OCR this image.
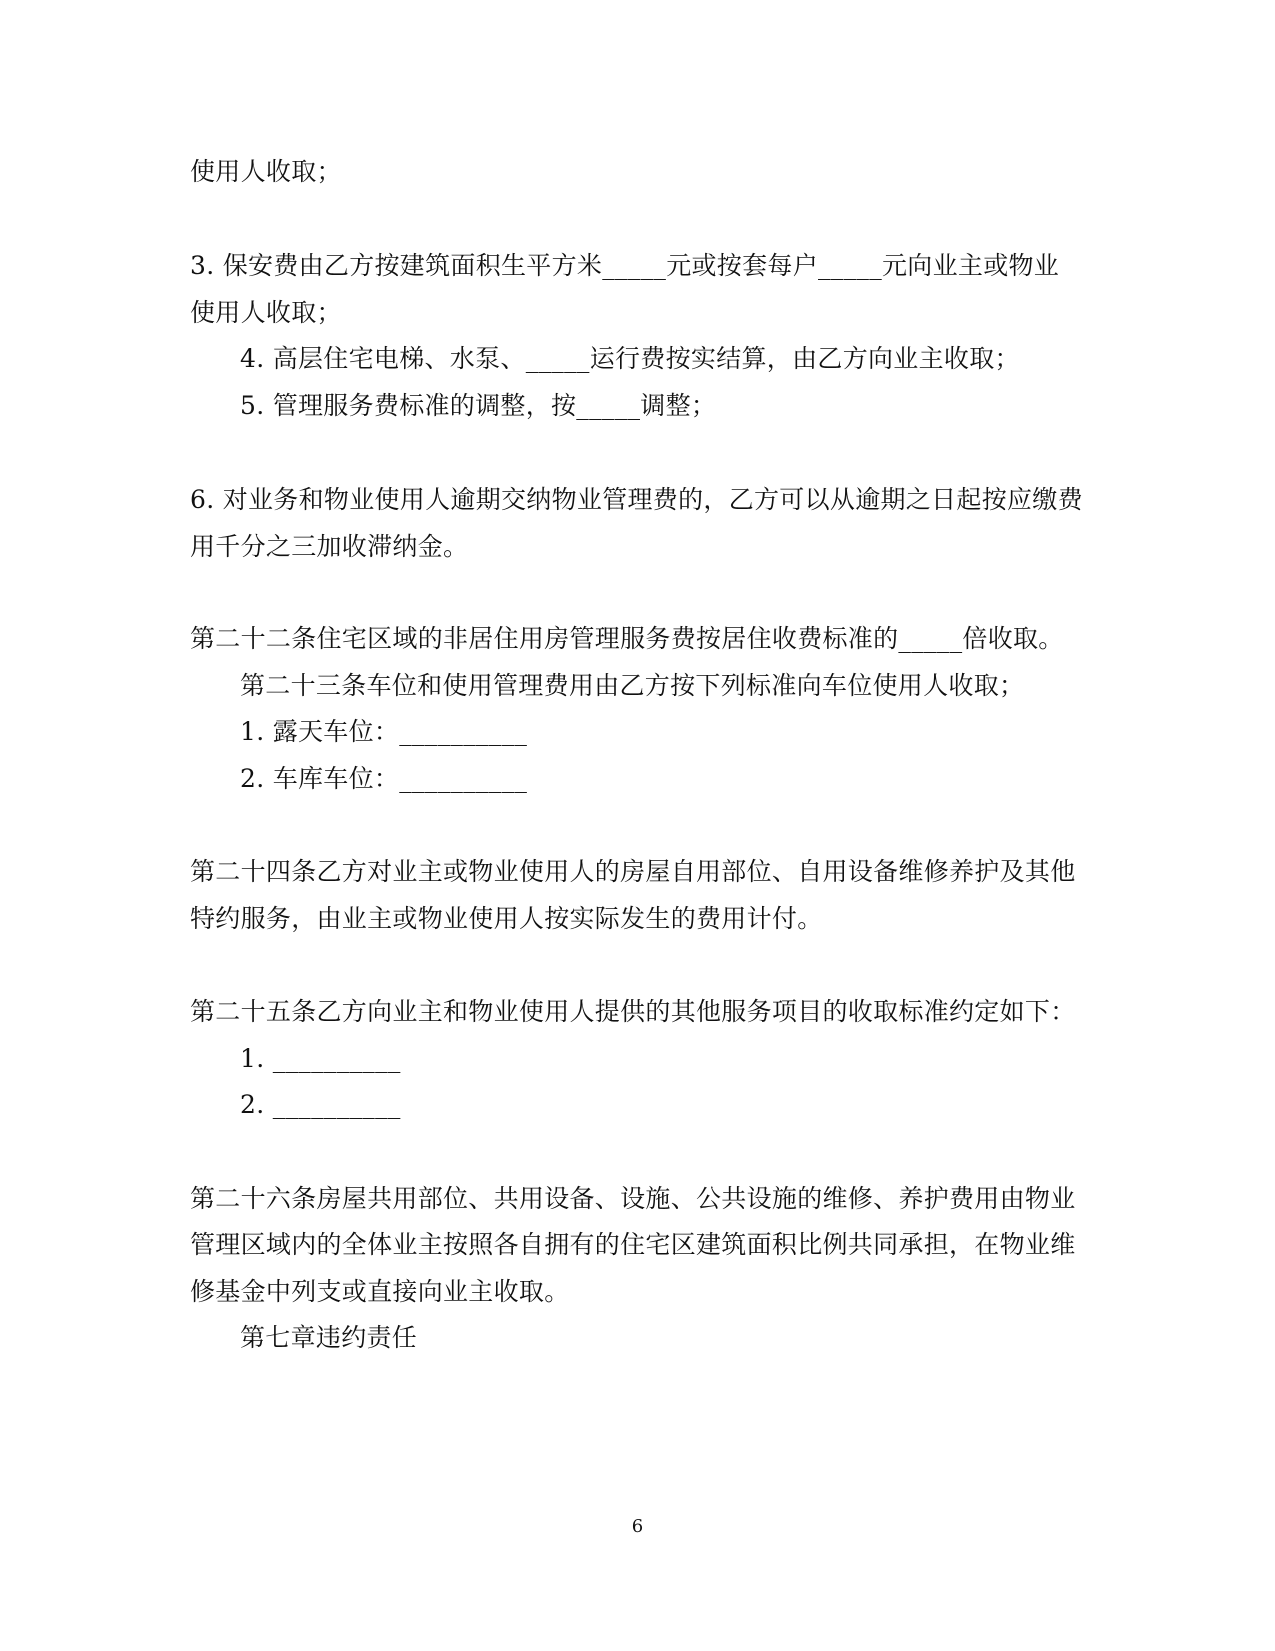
使用人收取；
3. 保安费由乙方按建筑面积生平方米_____元或按套每户_____元向业主或物业
使用人收取；
4. 高层住宅电梯、水泵、_____运行费按实结算，由乙方向业主收取；
5. 管理服务费标准的调整，按_____调整；
6. 对业务和物业使用人逾期交纳物业管理费的，乙方可以从逾期之日起按应缴费
用千分之三加收滞纳金。
第二十二条住宅区域的非居住用房管理服务费按居住收费标准的_____倍收取。
第二十三条车位和使用管理费用由乙方按下列标准向车位使用人收取；
1. 露天车位：__________
2. 车库车位：__________
第二十四条乙方对业主或物业使用人的房屋自用部位、自用设备维修养护及其他
特约服务，由业主或物业使用人按实际发生的费用计付。
第二十五条乙方向业主和物业使用人提供的其他服务项目的收取标准约定如下：
1. __________
2. __________
第二十六条房屋共用部位、共用设备、设施、公共设施的维修、养护费用由物业
管理区域内的全体业主按照各自拥有的住宅区建筑面积比例共同承担，在物业维
修基金中列支或直接向业主收取。
第七章违约责任
6
